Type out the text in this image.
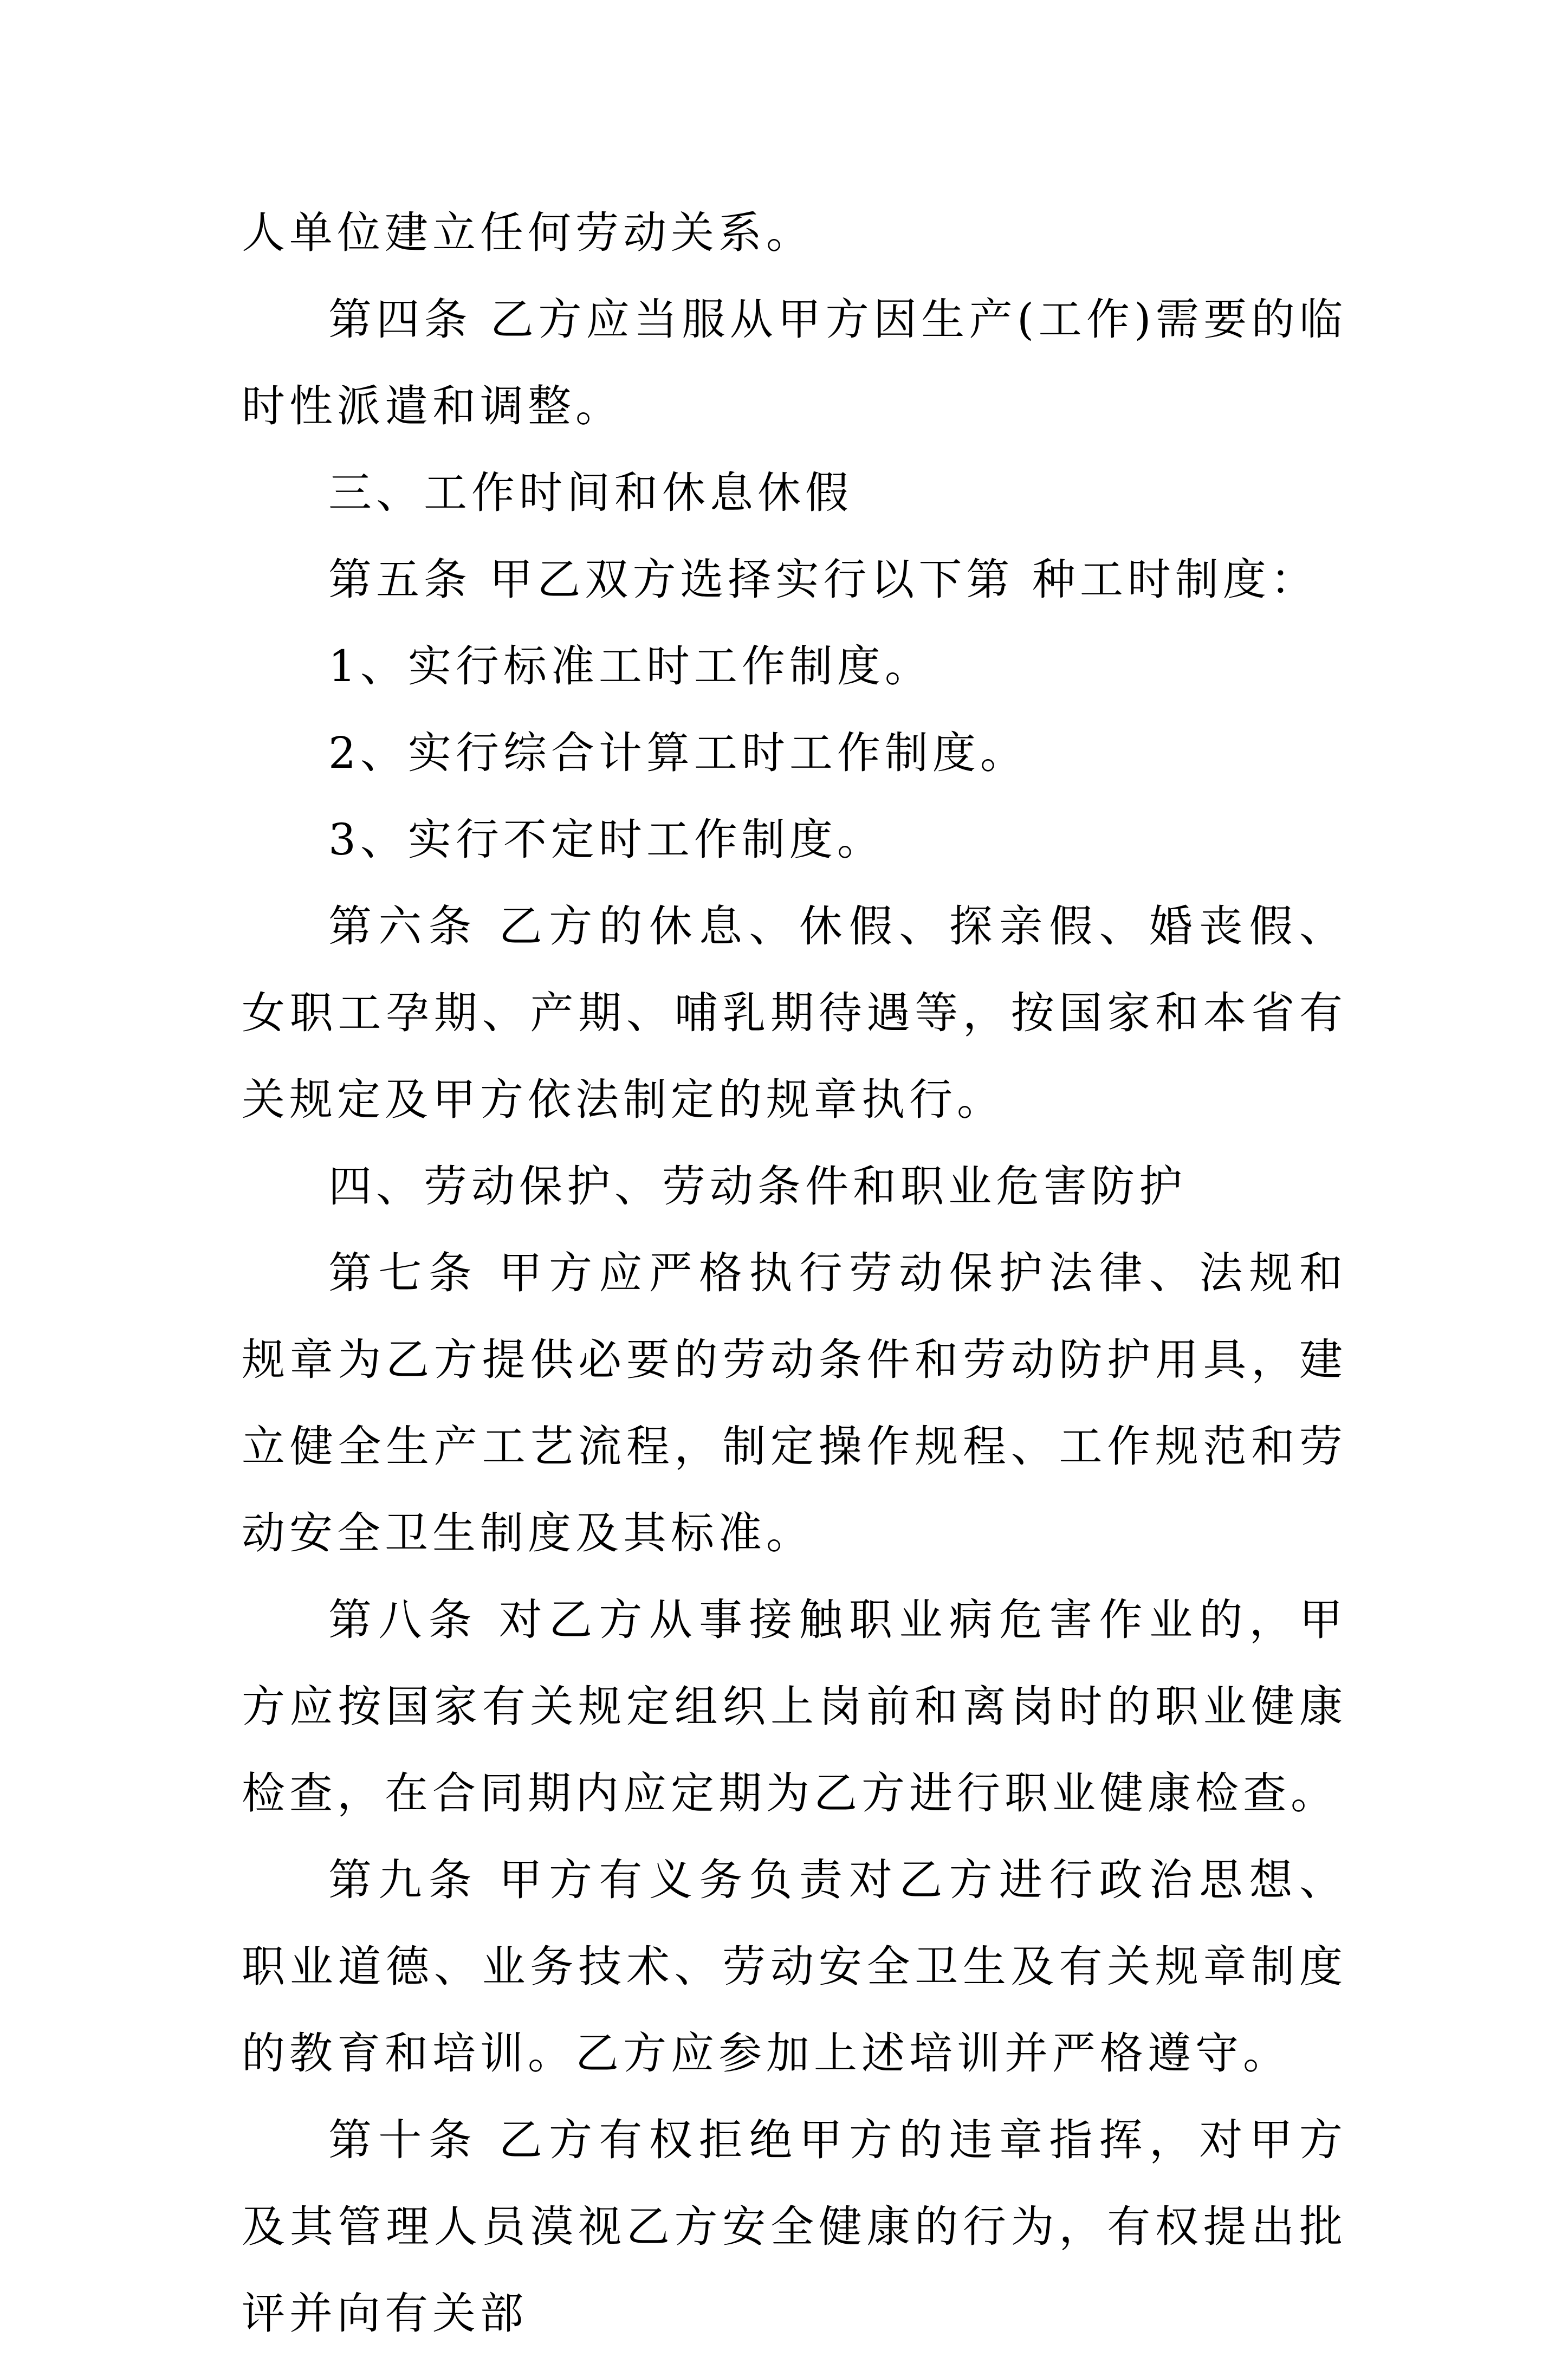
人单位建立任何劳动关系。

第四条 乙方应当服从甲方因生产(工作)需要的临时性派遣和调整。

三、工作时间和休息休假

第五条 甲乙双方选择实行以下第 种工时制度：

1、实行标准工时工作制度。

2、实行综合计算工时工作制度。

3、实行不定时工作制度。

第六条 乙方的休息、休假、探亲假、婚丧假、女职工孕期、产期、哺乳期待遇等，按国家和本省有关规定及甲方依法制定的规章执行。

四、劳动保护、劳动条件和职业危害防护

第七条 甲方应严格执行劳动保护法律、法规和规章为乙方提供必要的劳动条件和劳动防护用具，建立健全生产工艺流程，制定操作规程、工作规范和劳动安全卫生制度及其标准。

第八条 对乙方从事接触职业病危害作业的，甲方应按国家有关规定组织上岗前和离岗时的职业健康检查，在合同期内应定期为乙方进行职业健康检查。

第九条 甲方有义务负责对乙方进行政治思想、职业道德、业务技术、劳动安全卫生及有关规章制度的教育和培训。乙方应参加上述培训并严格遵守。

第十条 乙方有权拒绝甲方的违章指挥，对甲方及其管理人员漠视乙方安全健康的行为，有权提出批评并向有关部
